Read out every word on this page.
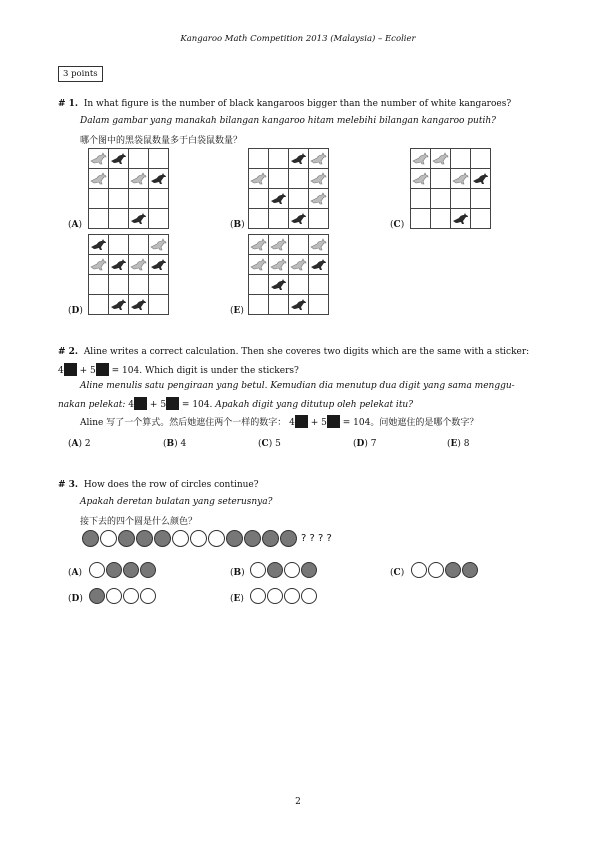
Kangaroo Math Competition 2013 (Malaysia) – Ecolier
3 points
# 1. In what figure is the number of black kangaroos bigger than the number of white kangaroes?
Dalam gambar yang manakah bilangan kangaroo hitam melebihi bilangan kangaroo putih?
哪个图中的黑袋鼠数量多于白袋鼠数量？
(A)

				(B)

				(C)

(D)

				(E)

# 2. Aline writes a correct calculation. Then she coveres two digits which are the same with a sticker:
4 + 5 = 104. Which digit is under the stickers?
Aline menulis satu pengiraan yang betul. Kemudian dia menutup dua digit yang sama menggu-
nakan pelekat: 4 + 5 = 104. Apakah digit yang ditutup oleh pelekat itu?
Aline 写了一个算式。然后她遮住两个一样的数字： 4 + 5 = 104。问她遮住的是哪个数字？
(A) 2	(B) 4	(C) 5	(D) 7	(E) 8
# 3. How does the row of circles continue?
Apakah deretan bulatan yang seterusnya?
接下去的四个圆是什么颜色？
? ? ? ?
(A)	(B)	(C)
(D)	(E)
2
